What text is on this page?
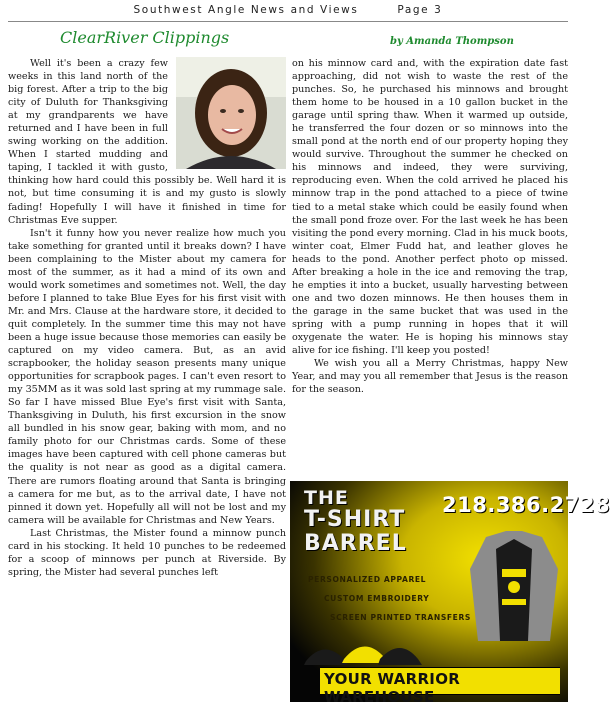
Southwest Angle News and Views	Page 3
ClearRiver Clippings	by Amanda Thompson

Well it's been a crazy few weeks in this land north of the big forest. After a trip to the big city of Duluth for Thanksgiving at my grandparents we have returned and I have been in full swing working on the addition. When I started mudding and taping, I tackled it with gusto, thinking how hard could this possibly be. Well hard it is not, but time consuming it is and my gusto is slowly fading! Hopefully I will have it finished in time for Christmas Eve supper.

Isn't it funny how you never realize how much you take something for granted until it breaks down? I have been complaining to the Mister about my camera for most of the summer, as it had a mind of its own and would work sometimes and sometimes not. Well, the day before I planned to take Blue Eyes for his first visit with Mr. and Mrs. Clause at the hardware store, it decided to quit completely. In the summer time this may not have been a huge issue because those memories can easily be captured on my video camera. But, as an avid scrapbooker, the holiday season presents many unique opportunities for scrapbook pages. I can't even resort to my 35MM as it was sold last spring at my rummage sale. So far I have missed Blue Eye's first visit with Santa, Thanksgiving in Duluth, his first excursion in the snow all bundled in his snow gear, baking with mom, and no family photo for our Christmas cards. Some of these images have been captured with cell phone cameras but the quality is not near as good as a digital camera. There are rumors floating around that Santa is bringing a camera for me but, as to the arrival date, I have not pinned it down yet. Hopefully all will not be lost and my camera will be available for Christmas and New Years.

Last Christmas, the Mister found a minnow punch card in his stocking. It held 10 punches to be redeemed for a scoop of minnows per punch at Riverside. By spring, the Mister had several punches left

on his minnow card and, with the expiration date fast approaching, did not wish to waste the rest of the punches. So, he purchased his minnows and brought them home to be housed in a 10 gallon bucket in the garage until spring thaw. When it warmed up outside, he transferred the four dozen or so minnows into the small pond at the north end of our property hoping they would survive. Throughout the summer he checked on his minnows and indeed, they were surviving, reproducing even. When the cold arrived he placed his minnow trap in the pond attached to a piece of twine tied to a metal stake which could be easily found when the small pond froze over. For the last week he has been visiting the pond every morning. Clad in his muck boots, winter coat, Elmer Fudd hat, and leather gloves he heads to the pond. Another perfect photo op missed. After breaking a hole in the ice and removing the trap, he empties it into a bucket, usually harvesting between one and two dozen minnows. He then houses them in the garage in the same bucket that was used in the spring with a pump running in hopes that it will oxygenate the water. He is hoping his minnows stay alive for ice fishing. I'll keep you posted!

We wish you all a Merry Christmas, happy New Year, and may you all remember that Jesus is the reason for the season.

THE
T-SHIRT
BARREL
218.386.2728
PERSONALIZED APPAREL
CUSTOM EMBROIDERY
SCREEN PRINTED TRANSFERS
YOUR WARRIOR WAREHOUSE
